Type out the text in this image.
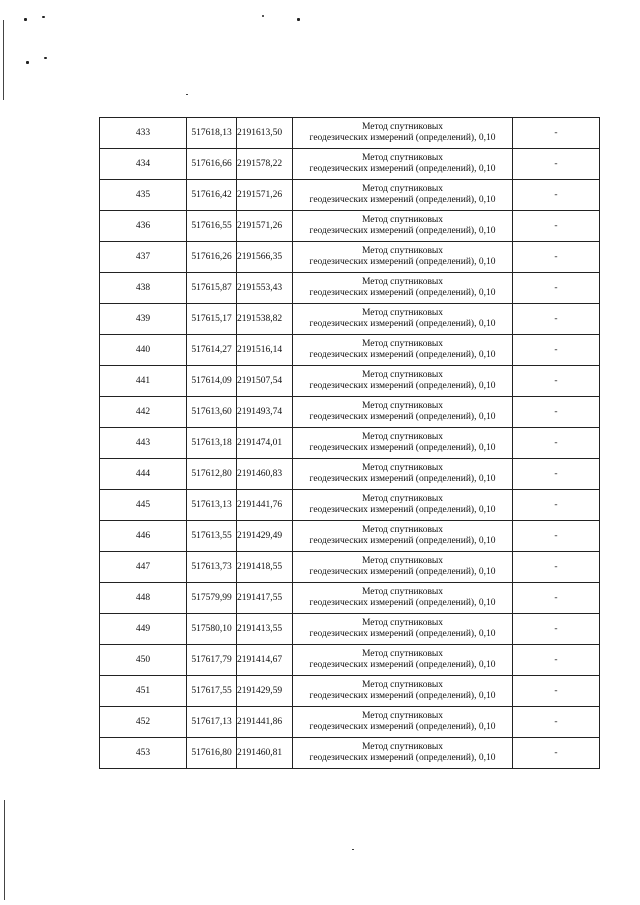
433	517618,13	2191613,50	Метод спутниковых
геодезических измерений (определений), 0,10	-
434	517616,66	2191578,22	Метод спутниковых
геодезических измерений (определений), 0,10	-
435	517616,42	2191571,26	Метод спутниковых
геодезических измерений (определений), 0,10	-
436	517616,55	2191571,26	Метод спутниковых
геодезических измерений (определений), 0,10	-
437	517616,26	2191566,35	Метод спутниковых
геодезических измерений (определений), 0,10	-
438	517615,87	2191553,43	Метод спутниковых
геодезических измерений (определений), 0,10	-
439	517615,17	2191538,82	Метод спутниковых
геодезических измерений (определений), 0,10	-
440	517614,27	2191516,14	Метод спутниковых
геодезических измерений (определений), 0,10	-
441	517614,09	2191507,54	Метод спутниковых
геодезических измерений (определений), 0,10	-
442	517613,60	2191493,74	Метод спутниковых
геодезических измерений (определений), 0,10	-
443	517613,18	2191474,01	Метод спутниковых
геодезических измерений (определений), 0,10	-
444	517612,80	2191460,83	Метод спутниковых
геодезических измерений (определений), 0,10	-
445	517613,13	2191441,76	Метод спутниковых
геодезических измерений (определений), 0,10	-
446	517613,55	2191429,49	Метод спутниковых
геодезических измерений (определений), 0,10	-
447	517613,73	2191418,55	Метод спутниковых
геодезических измерений (определений), 0,10	-
448	517579,99	2191417,55	Метод спутниковых
геодезических измерений (определений), 0,10	-
449	517580,10	2191413,55	Метод спутниковых
геодезических измерений (определений), 0,10	-
450	517617,79	2191414,67	Метод спутниковых
геодезических измерений (определений), 0,10	-
451	517617,55	2191429,59	Метод спутниковых
геодезических измерений (определений), 0,10	-
452	517617,13	2191441,86	Метод спутниковых
геодезических измерений (определений), 0,10	-
453	517616,80	2191460,81	Метод спутниковых
геодезических измерений (определений), 0,10	-
